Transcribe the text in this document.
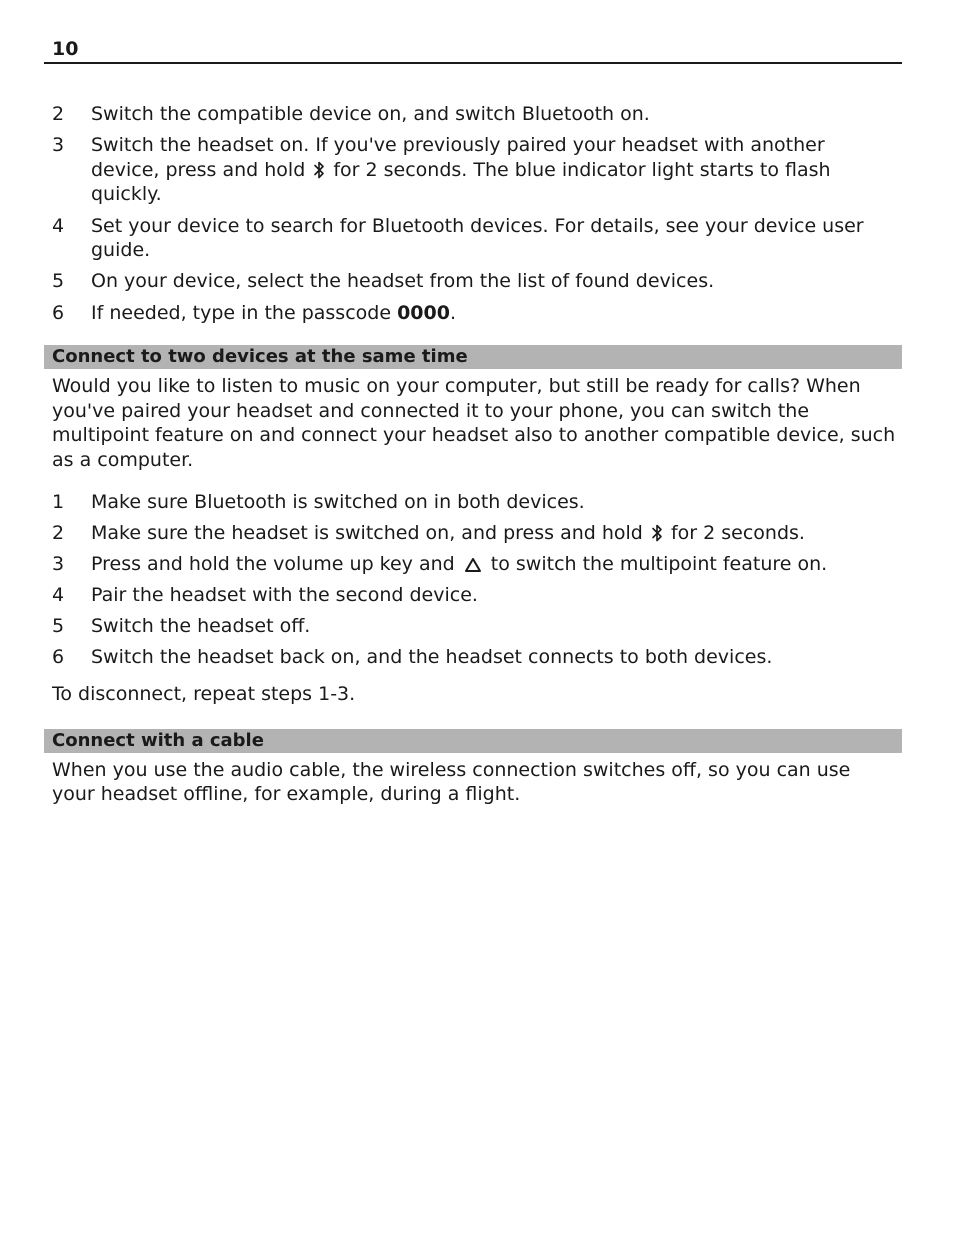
10
2 Switch the compatible device on, and switch Bluetooth on.
3 Switch the headset on. If you've previously paired your headset with another device, press and hold
for 2 seconds. The blue indicator light starts to flash quickly.
4 Set your device to search for Bluetooth devices. For details, see your device user guide.
5 On your device, select the headset from the list of found devices.
6 If needed, type in the passcode 0000.
Connect to two devices at the same time

Would you like to listen to music on your computer, but still be ready for calls? When you've paired your headset and connected it to your phone, you can switch the multipoint feature on and connect your headset also to another compatible device, such as a computer.

1 Make sure Bluetooth is switched on in both devices.
2 Make sure the headset is switched on, and press and hold
for 2 seconds.
3 Press and hold the volume up key and
to switch the multipoint feature on.
4 Pair the headset with the second device.
5 Switch the headset off.
6 Switch the headset back on, and the headset connects to both devices.

To disconnect, repeat steps 1-3.

Connect with a cable

When you use the audio cable, the wireless connection switches off, so you can use your headset offline, for example, during a flight.
